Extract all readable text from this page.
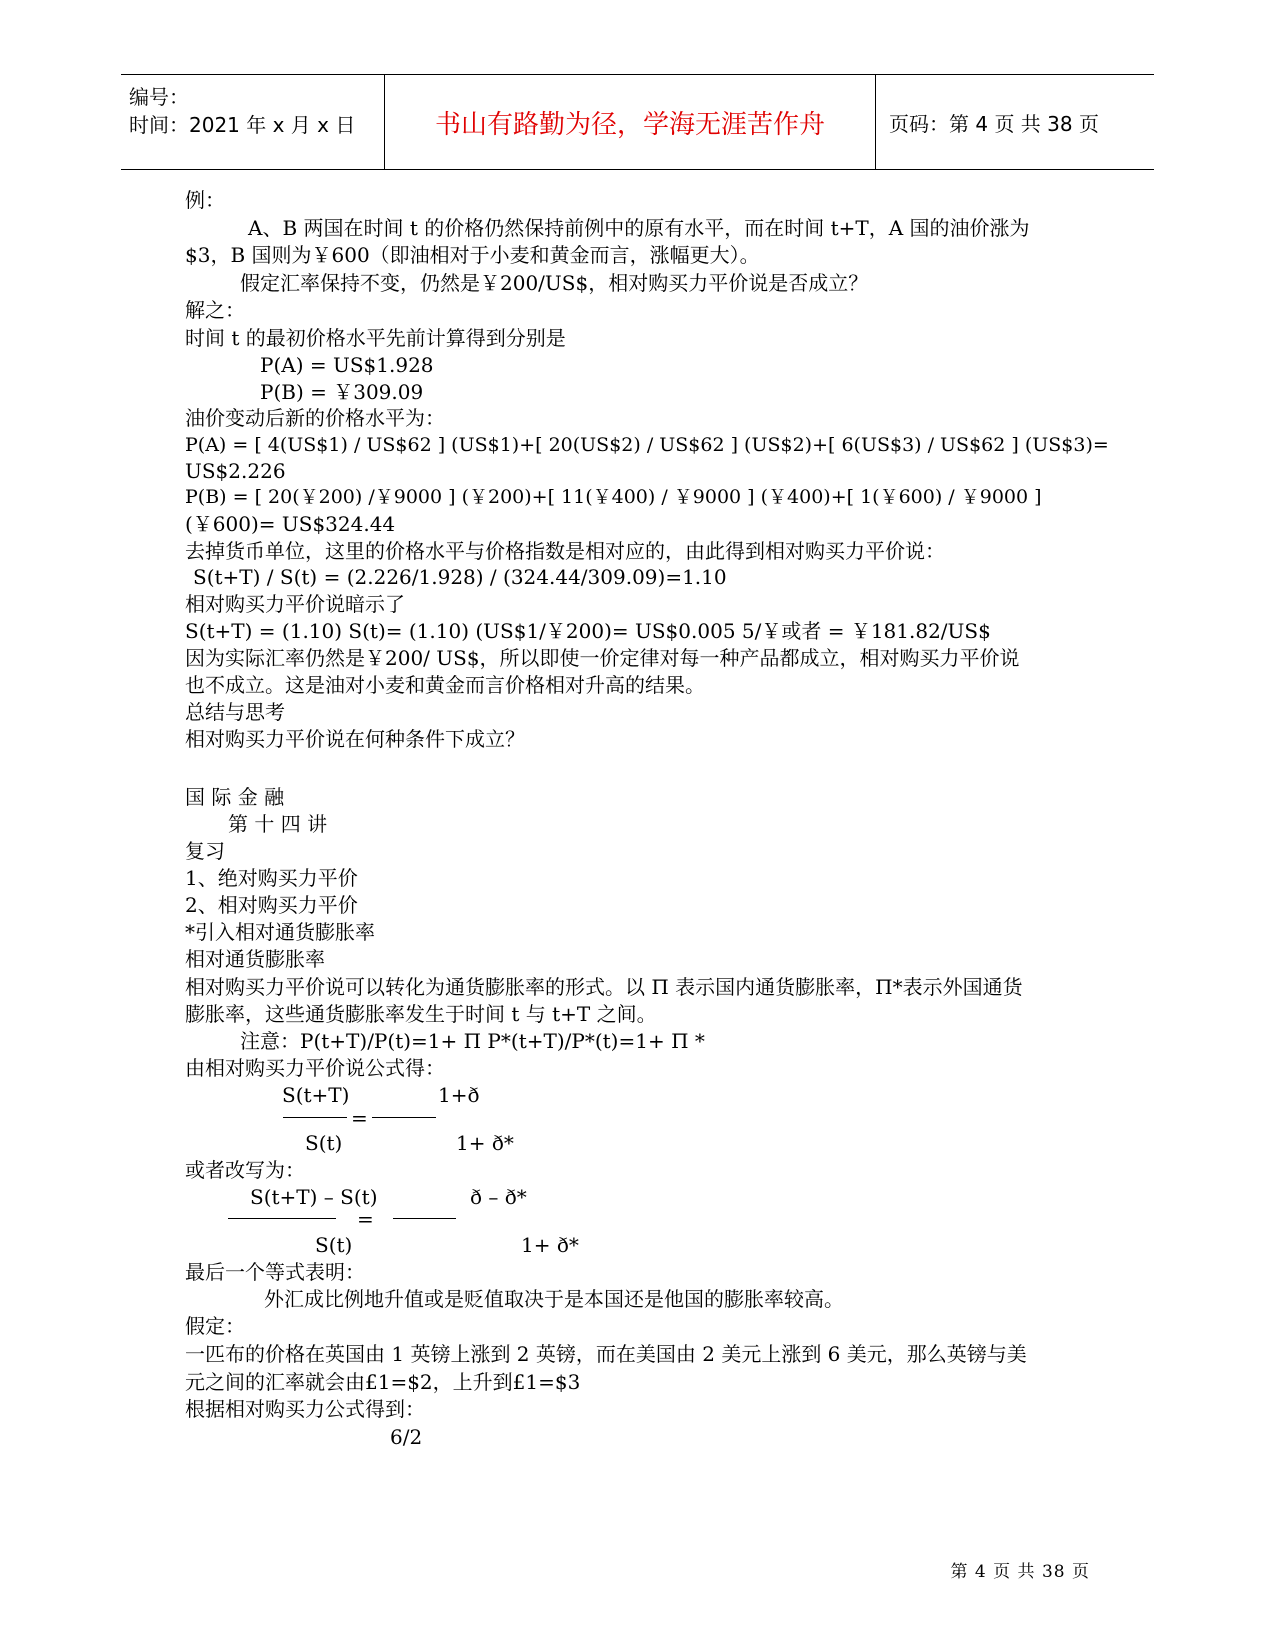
编号：
时间：2021 年 x 月 x 日	书山有路勤为径，学海无涯苦作舟	页码：第 4 页 共 38 页
例：
A、B 两国在时间 t 的价格仍然保持前例中的原有水平，而在时间 t+T，A 国的油价涨为
$3，B 国则为￥600（即油相对于小麦和黄金而言，涨幅更大）。
假定汇率保持不变，仍然是￥200/US$，相对购买力平价说是否成立？
解之：
时间 t 的最初价格水平先前计算得到分别是
P(A) = US$1.928
P(B) = ￥309.09
油价变动后新的价格水平为：
P(A) = [ 4(US$1) / US$62 ] (US$1)+[ 20(US$2) / US$62 ] (US$2)+[ 6(US$3) / US$62 ] (US$3)=
US$2.226
P(B) = [ 20(￥200) /￥9000 ] (￥200)+[ 11(￥400) / ￥9000 ] (￥400)+[ 1(￥600) / ￥9000 ]
(￥600)= US$324.44
去掉货币单位，这里的价格水平与价格指数是相对应的，由此得到相对购买力平价说：
S(t+T) / S(t) = (2.226/1.928) / (324.44/309.09)=1.10
相对购买力平价说暗示了
S(t+T) = (1.10) S(t)= (1.10) (US$1/￥200)= US$0.005 5/￥或者 = ￥181.82/US$
因为实际汇率仍然是￥200/ US$，所以即使一价定律对每一种产品都成立，相对购买力平价说
也不成立。这是油对小麦和黄金而言价格相对升高的结果。
总结与思考
相对购买力平价说在何种条件下成立？
国 际 金 融
第 十 四 讲
复习
1、绝对购买力平价
2、相对购买力平价
*引入相对通货膨胀率
相对通货膨胀率
相对购买力平价说可以转化为通货膨胀率的形式。以 Π 表示国内通货膨胀率，Π*表示外国通货
膨胀率，这些通货膨胀率发生于时间 t 与 t+T 之间。
注意：P(t+T)/P(t)=1+ Π P*(t+T)/P*(t)=1+ Π *
由相对购买力平价说公式得：
S(t+T)	1+ð
=
S(t)	1+ ð*
或者改写为：
S(t+T) – S(t)	ð – ð*
=
S(t)	1+ ð*
最后一个等式表明：
外汇成比例地升值或是贬值取决于是本国还是他国的膨胀率较高。
假定：
一匹布的价格在英国由 1 英镑上涨到 2 英镑，而在美国由 2 美元上涨到 6 美元，那么英镑与美
元之间的汇率就会由£1=$2，上升到£1=$3
根据相对购买力公式得到：
6/2
第 4 页 共 38 页
